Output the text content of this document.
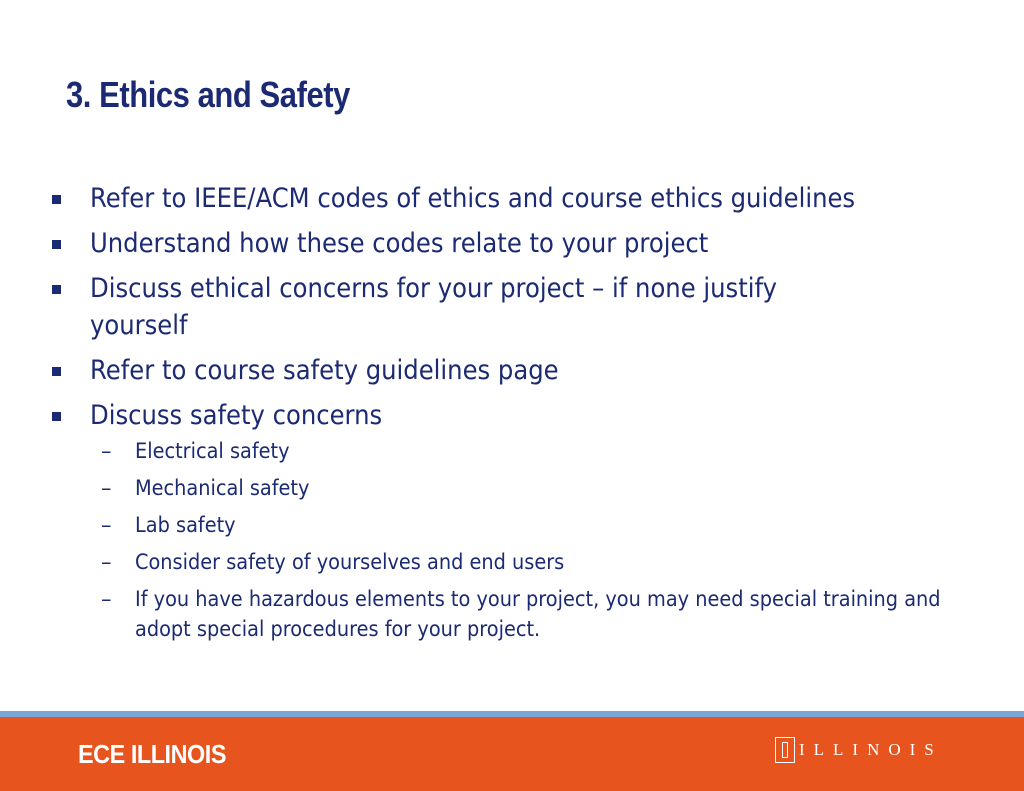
3. Ethics and Safety
Refer to IEEE/ACM codes of ethics and course ethics guidelines
Understand how these codes relate to your project
Discuss ethical concerns for your project – if none justify yourself
Refer to course safety guidelines page
Discuss safety concerns
– Electrical safety
– Mechanical safety
– Lab safety
– Consider safety of yourselves and end users
– If you have hazardous elements to your project, you may need special training and adopt special procedures for your project.
ECE ILLINOIS	ILLINOIS
